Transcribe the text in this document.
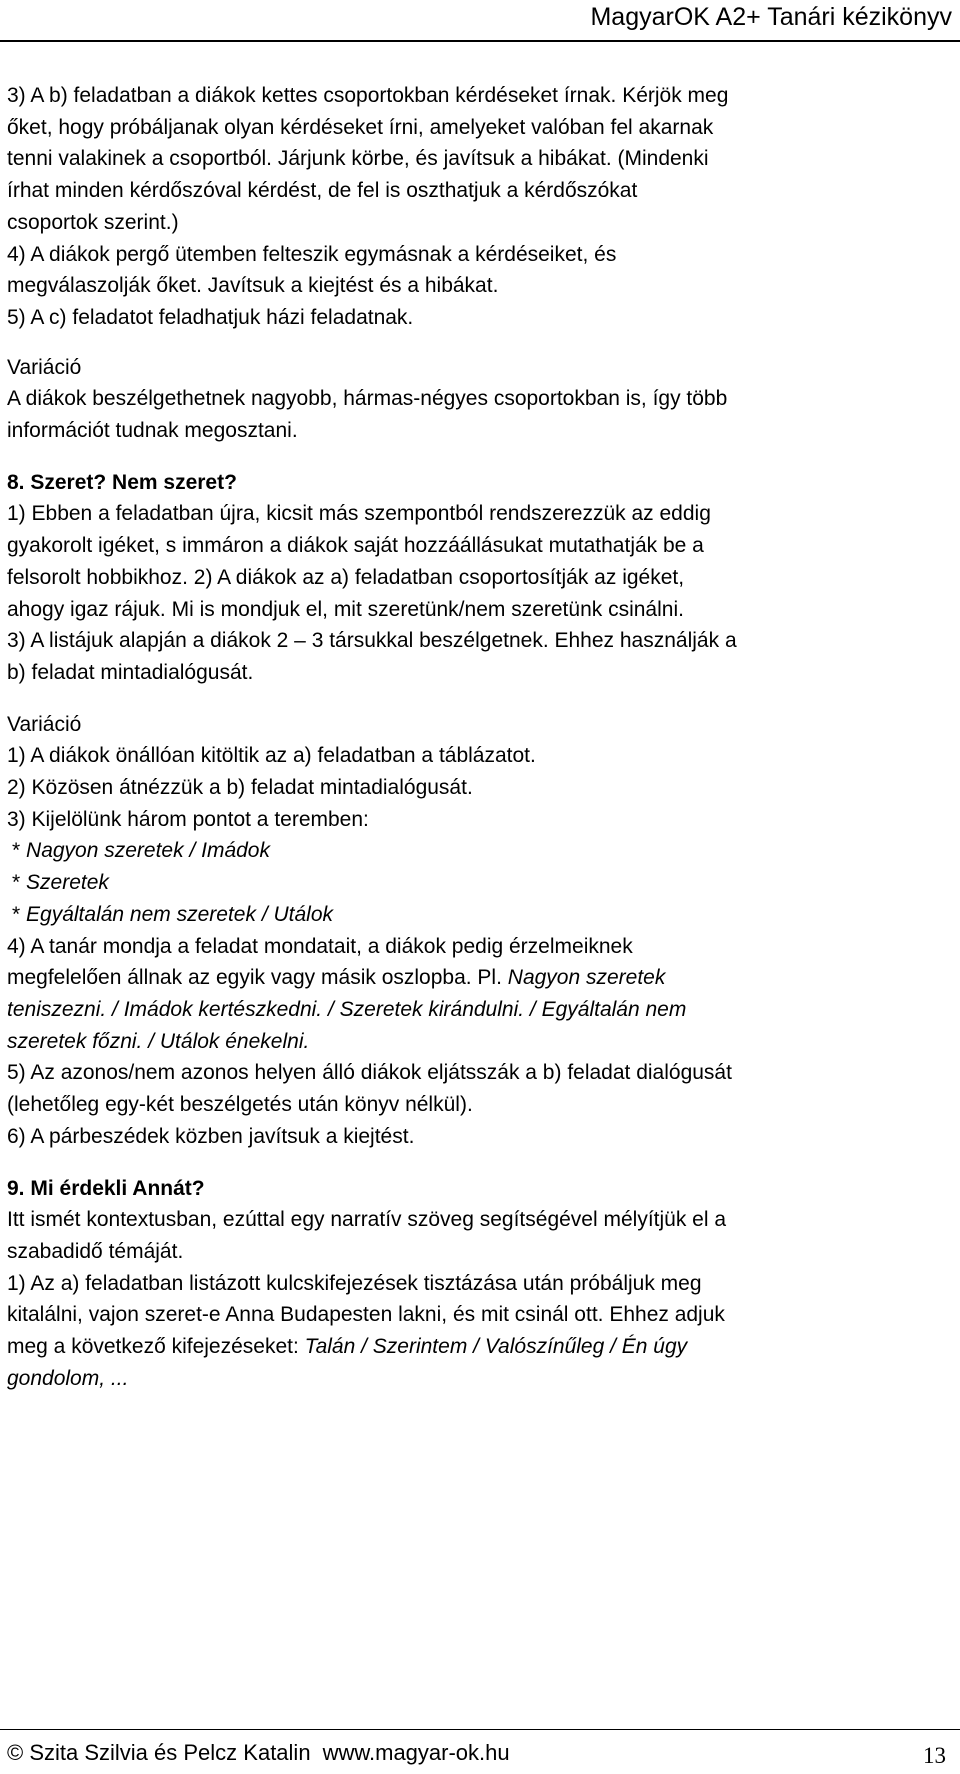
MagyarOK A2+ Tanári kézikönyv
3) A b) feladatban a diákok kettes csoportokban kérdéseket írnak. Kérjök meg
őket, hogy próbáljanak olyan kérdéseket írni, amelyeket valóban fel akarnak
tenni valakinek a csoportból. Járjunk körbe, és javítsuk a hibákat. (Mindenki
írhat minden kérdőszóval kérdést, de fel is oszthatjuk a kérdőszókat
csoportok szerint.)
4) A diákok pergő ütemben felteszik egymásnak a kérdéseiket, és
megválaszolják őket. Javítsuk a kiejtést és a hibákat.
5) A c) feladatot feladhatjuk házi feladatnak.
Variáció
A diákok beszélgethetnek nagyobb, hármas-négyes csoportokban is, így több
információt tudnak megosztani.
8. Szeret? Nem szeret?
1) Ebben a feladatban újra, kicsit más szempontból rendszerezzük az eddig
gyakorolt igéket, s immáron a diákok saját hozzáállásukat mutathatják be a
felsorolt hobbikhoz. 2) A diákok az a) feladatban csoportosítják az igéket,
ahogy igaz rájuk. Mi is mondjuk el, mit szeretünk/nem szeretünk csinálni.
3) A listájuk alapján a diákok 2 – 3 társukkal beszélgetnek. Ehhez használják a
b) feladat mintadialógusát.
Variáció
1) A diákok önállóan kitöltik az a) feladatban a táblázatot.
2) Közösen átnézzük a b) feladat mintadialógusát.
3) Kijelölünk három pontot a teremben:
* Nagyon szeretek / Imádok
* Szeretek
* Egyáltalán nem szeretek / Utálok
4) A tanár mondja a feladat mondatait, a diákok pedig érzelmeiknek
megfelelően állnak az egyik vagy másik oszlopba. Pl. Nagyon szeretek
teniszezni. / Imádok kertészkedni. / Szeretek kirándulni. / Egyáltalán nem
szeretek főzni. / Utálok énekelni.
5) Az azonos/nem azonos helyen álló diákok eljátsszák a b) feladat dialógusát
(lehetőleg egy-két beszélgetés után könyv nélkül).
6) A párbeszédek közben javítsuk a kiejtést.
9. Mi érdekli Annát?
Itt ismét kontextusban, ezúttal egy narratív szöveg segítségével mélyítjük el a
szabadidő témáját.
1) Az a) feladatban listázott kulcskifejezések tisztázása után próbáljuk meg
kitalálni, vajon szeret-e Anna Budapesten lakni, és mit csinál ott. Ehhez adjuk
meg a következő kifejezéseket: Talán / Szerintem / Valószínűleg / Én úgy
gondolom, ...
© Szita Szilvia és Pelcz Katalin www.magyar-ok.hu	13
